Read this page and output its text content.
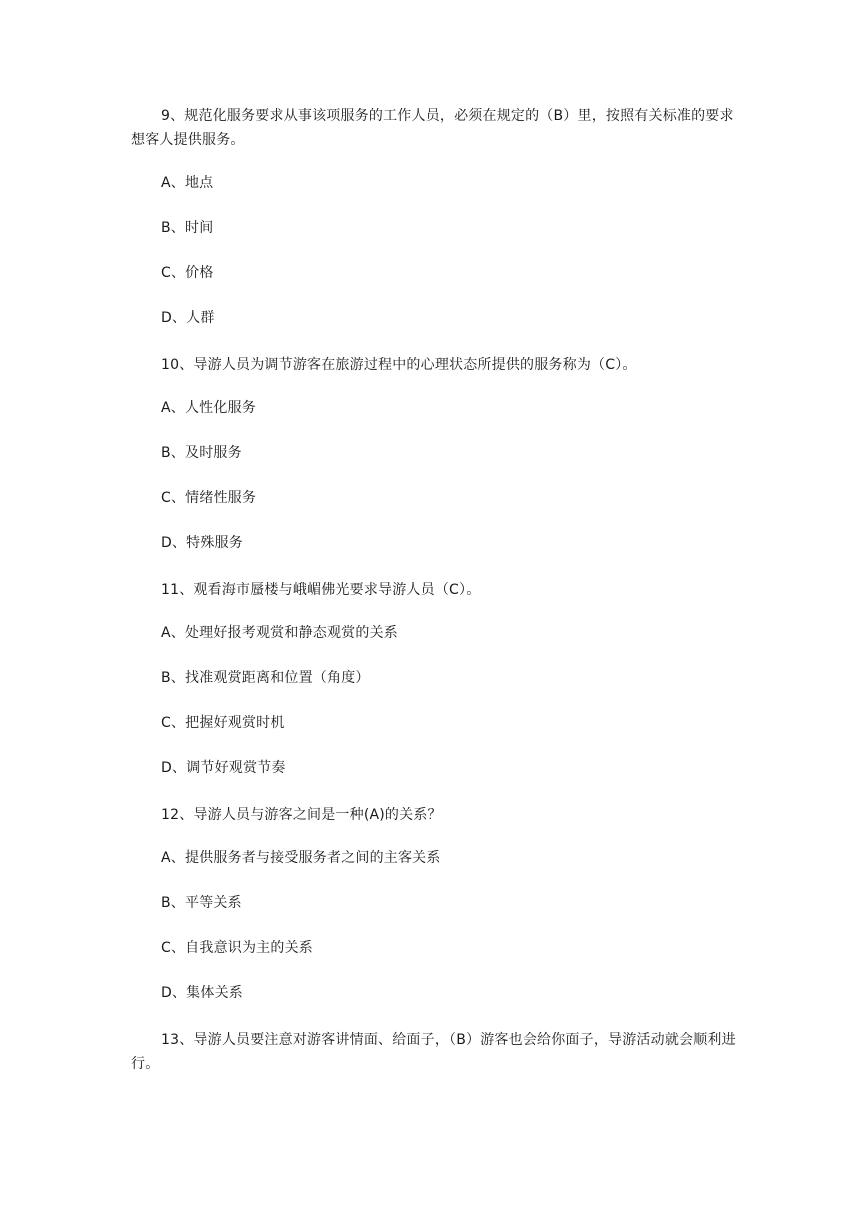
9、规范化服务要求从事该项服务的工作人员，必须在规定的（B）里，按照有关标准的要求想客人提供服务。

A、地点

B、时间

C、价格

D、人群

10、导游人员为调节游客在旅游过程中的心理状态所提供的服务称为（C）。

A、人性化服务

B、及时服务

C、情绪性服务

D、特殊服务

11、观看海市蜃楼与峨嵋佛光要求导游人员（C）。

A、处理好报考观赏和静态观赏的关系

B、找准观赏距离和位置（角度）

C、把握好观赏时机

D、调节好观赏节奏

12、导游人员与游客之间是一种(A)的关系？

A、提供服务者与接受服务者之间的主客关系

B、平等关系

C、自我意识为主的关系

D、集体关系

13、导游人员要注意对游客讲情面、给面子，（B）游客也会给你面子，导游活动就会顺利进行。
